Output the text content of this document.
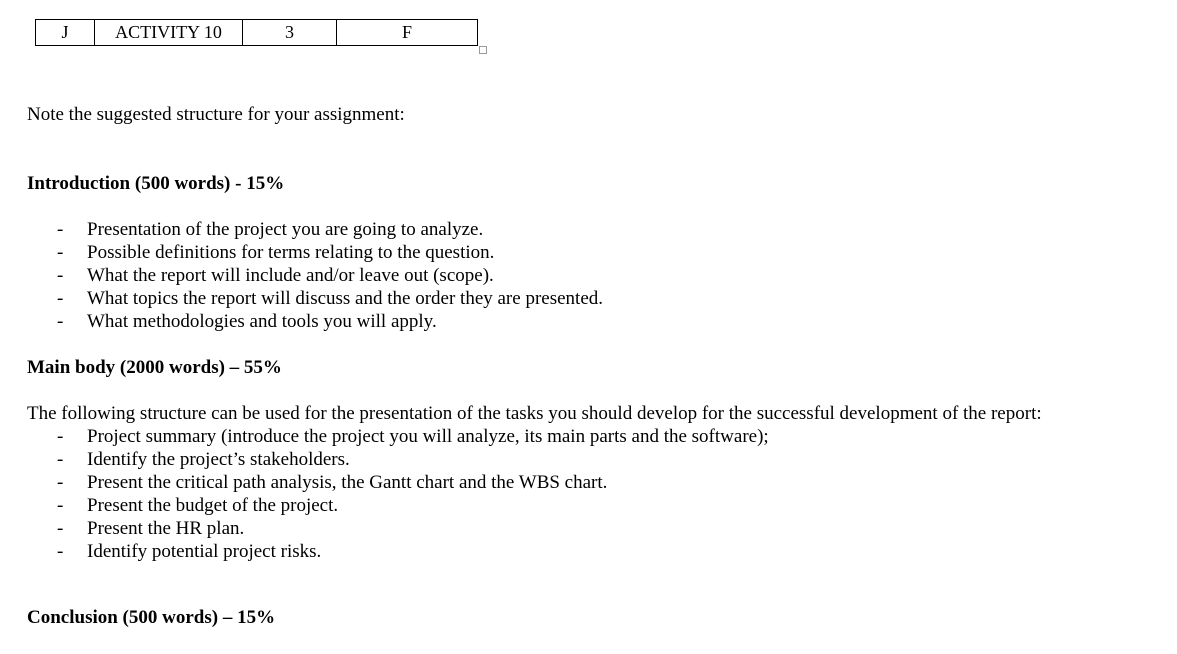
J	ACTIVITY 10	3	F
Note the suggested structure for your assignment:
Introduction (500 words) - 15%
- Presentation of the project you are going to analyze.
- Possible definitions for terms relating to the question.
- What the report will include and/or leave out (scope).
- What topics the report will discuss and the order they are presented.
- What methodologies and tools you will apply.
Main body (2000 words) – 55%
The following structure can be used for the presentation of the tasks you should develop for the successful development of the report:
- Project summary (introduce the project you will analyze, its main parts and the software);
- Identify the project’s stakeholders.
- Present the critical path analysis, the Gantt chart and the WBS chart.
- Present the budget of the project.
- Present the HR plan.
- Identify potential project risks.
Conclusion (500 words) – 15%
